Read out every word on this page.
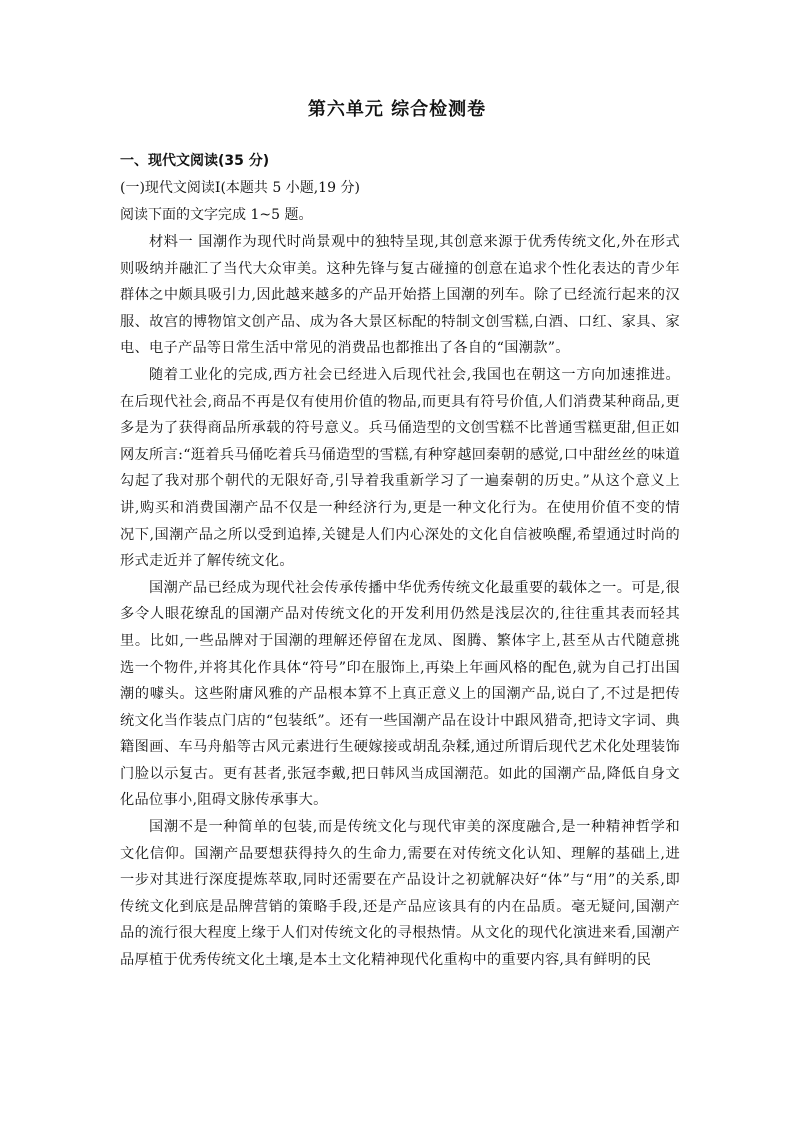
第六单元 综合检测卷

一、现代文阅读(35 分)

(一)现代文阅读Ⅰ(本题共 5 小题,19 分)

阅读下面的文字完成 1~5 题。

材料一 国潮作为现代时尚景观中的独特呈现,其创意来源于优秀传统文化,外在形式则吸纳并融汇了当代大众审美。这种先锋与复古碰撞的创意在追求个性化表达的青少年群体之中颇具吸引力,因此越来越多的产品开始搭上国潮的列车。除了已经流行起来的汉服、故宫的博物馆文创产品、成为各大景区标配的特制文创雪糕,白酒、口红、家具、家电、电子产品等日常生活中常见的消费品也都推出了各自的“国潮款”。

随着工业化的完成,西方社会已经进入后现代社会,我国也在朝这一方向加速推进。在后现代社会,商品不再是仅有使用价值的物品,而更具有符号价值,人们消费某种商品,更多是为了获得商品所承载的符号意义。兵马俑造型的文创雪糕不比普通雪糕更甜,但正如网友所言:“逛着兵马俑吃着兵马俑造型的雪糕,有种穿越回秦朝的感觉,口中甜丝丝的味道勾起了我对那个朝代的无限好奇,引导着我重新学习了一遍秦朝的历史。”从这个意义上讲,购买和消费国潮产品不仅是一种经济行为,更是一种文化行为。在使用价值不变的情况下,国潮产品之所以受到追捧,关键是人们内心深处的文化自信被唤醒,希望通过时尚的形式走近并了解传统文化。

国潮产品已经成为现代社会传承传播中华优秀传统文化最重要的载体之一。可是,很多令人眼花缭乱的国潮产品对传统文化的开发利用仍然是浅层次的,往往重其表而轻其里。比如,一些品牌对于国潮的理解还停留在龙凤、图腾、繁体字上,甚至从古代随意挑选一个物件,并将其化作具体“符号”印在服饰上,再染上年画风格的配色,就为自己打出国潮的噱头。这些附庸风雅的产品根本算不上真正意义上的国潮产品,说白了,不过是把传统文化当作装点门店的“包装纸”。还有一些国潮产品在设计中跟风猎奇,把诗文字词、典籍图画、车马舟船等古风元素进行生硬嫁接或胡乱杂糅,通过所谓后现代艺术化处理装饰门脸以示复古。更有甚者,张冠李戴,把日韩风当成国潮范。如此的国潮产品,降低自身文化品位事小,阻碍文脉传承事大。

国潮不是一种简单的包装,而是传统文化与现代审美的深度融合,是一种精神哲学和文化信仰。国潮产品要想获得持久的生命力,需要在对传统文化认知、理解的基础上,进一步对其进行深度提炼萃取,同时还需要在产品设计之初就解决好“体”与“用”的关系,即传统文化到底是品牌营销的策略手段,还是产品应该具有的内在品质。毫无疑问,国潮产品的流行很大程度上缘于人们对传统文化的寻根热情。从文化的现代化演进来看,国潮产品厚植于优秀传统文化土壤,是本土文化精神现代化重构中的重要内容,具有鲜明的民
